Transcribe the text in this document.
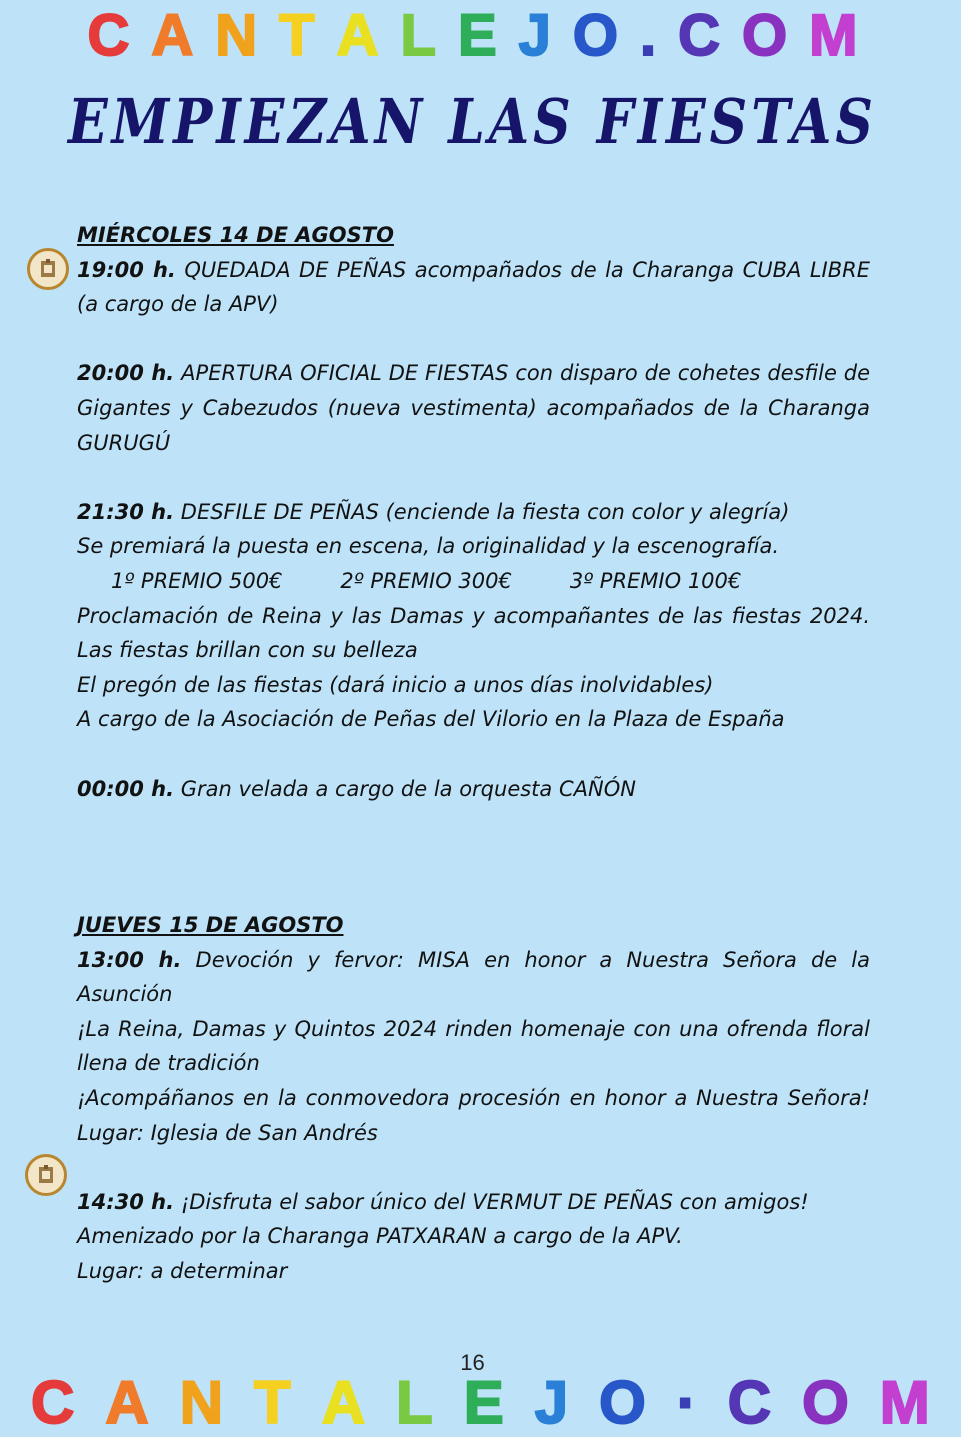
CANTALEJO.COM
EMPIEZAN LAS FIESTAS

MIÉRCOLES 14 DE AGOSTO

19:00 h. QUEDADA DE PEÑAS acompañados de la Charanga CUBA LIBRE (a cargo de la APV)

20:00 h. APERTURA OFICIAL DE FIESTAS con disparo de cohetes desfile de Gigantes y Cabezudos (nueva vestimenta) acompañados de la Charanga GURUGÚ

21:30 h. DESFILE DE PEÑAS (enciende la fiesta con color y alegría)

Se premiará la puesta en escena, la originalidad y la escenografía.

1º PREMIO 500€	2º PREMIO 300€	3º PREMIO 100€

Proclamación de Reina y las Damas y acompañantes de las fiestas 2024. Las fiestas brillan con su belleza

El pregón de las fiestas (dará inicio a unos días inolvidables)

A cargo de la Asociación de Peñas del Vilorio en la Plaza de España

00:00 h. Gran velada a cargo de la orquesta CAÑÓN

JUEVES 15 DE AGOSTO

13:00 h. Devoción y fervor: MISA en honor a Nuestra Señora de la Asunción

¡La Reina, Damas y Quintos 2024 rinden homenaje con una ofrenda floral llena de tradición

¡Acompáñanos en la conmovedora procesión en honor a Nuestra Señora! Lugar: Iglesia de San Andrés

14:30 h. ¡Disfruta el sabor único del VERMUT DE PEÑAS con amigos!

Amenizado por la Charanga PATXARAN a cargo de la APV.

Lugar: a determinar

16
CANTALEJO·COM
